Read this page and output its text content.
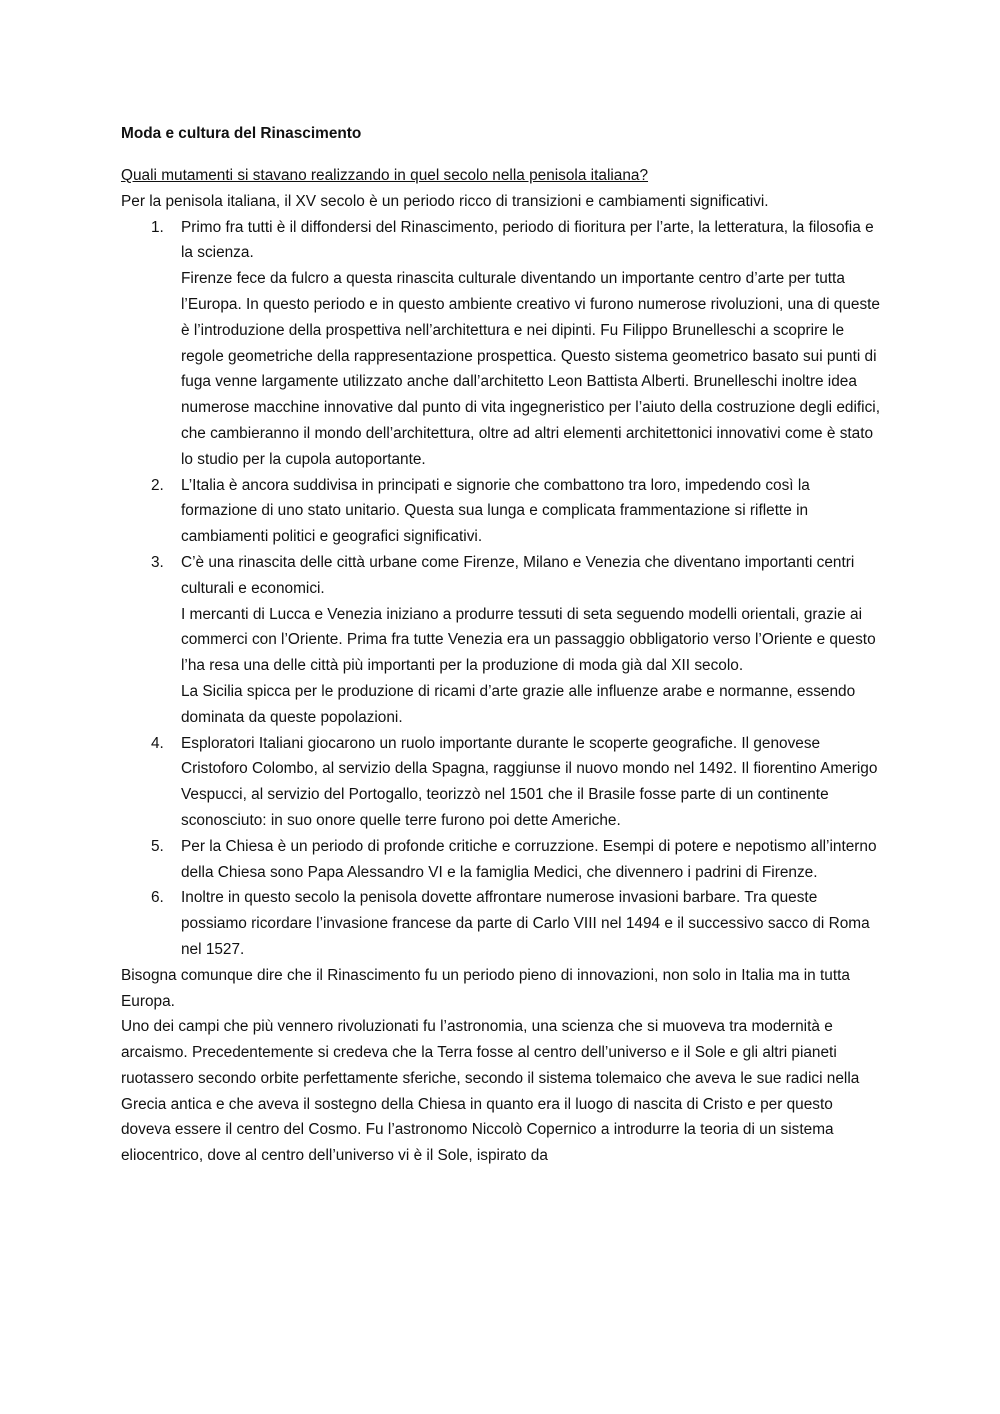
Moda e cultura del Rinascimento

Quali mutamenti si stavano realizzando in quel secolo nella penisola italiana?

Per la penisola italiana, il XV secolo è un periodo ricco di transizioni e cambiamenti significativi.

1. Primo fra tutti è il diffondersi del Rinascimento, periodo di fioritura per l’arte, la letteratura, la filosofia e la scienza.

Firenze fece da fulcro a questa rinascita culturale diventando un importante centro d’arte per tutta l’Europa. In questo periodo e in questo ambiente creativo vi furono numerose rivoluzioni, una di queste è l’introduzione della prospettiva nell’architettura e nei dipinti. Fu Filippo Brunelleschi a scoprire le regole geometriche della rappresentazione prospettica. Questo sistema geometrico basato sui punti di fuga venne largamente utilizzato anche dall’architetto Leon Battista Alberti. Brunelleschi inoltre idea numerose macchine innovative dal punto di vita ingegneristico per l’aiuto della costruzione degli edifici, che cambieranno il mondo dell’architettura, oltre ad altri elementi architettonici innovativi come è stato lo studio per la cupola autoportante.

2. L’Italia è ancora suddivisa in principati e signorie che combattono tra loro, impedendo così la formazione di uno stato unitario. Questa sua lunga e complicata frammentazione si riflette in cambiamenti politici e geografici significativi.

3. C’è una rinascita delle città urbane come Firenze, Milano e Venezia che diventano importanti centri culturali e economici.

I mercanti di Lucca e Venezia iniziano a produrre tessuti di seta seguendo modelli orientali, grazie ai commerci con l’Oriente. Prima fra tutte Venezia era un passaggio obbligatorio verso l’Oriente e questo l’ha resa una delle città più importanti per la produzione di moda già dal XII secolo.

La Sicilia spicca per le produzione di ricami d’arte grazie alle influenze arabe e normanne, essendo dominata da queste popolazioni.

4. Esploratori Italiani giocarono un ruolo importante durante le scoperte geografiche. Il genovese Cristoforo Colombo, al servizio della Spagna, raggiunse il nuovo mondo nel 1492. Il fiorentino Amerigo Vespucci, al servizio del Portogallo, teorizzò nel 1501 che il Brasile fosse parte di un continente sconosciuto: in suo onore quelle terre furono poi dette Americhe.

5. Per la Chiesa è un periodo di profonde critiche e corruzzione. Esempi di potere e nepotismo all’interno della Chiesa sono Papa Alessandro VI e la famiglia Medici, che divennero i padrini di Firenze.

6. Inoltre in questo secolo la penisola dovette affrontare numerose invasioni barbare. Tra queste possiamo ricordare l’invasione francese da parte di Carlo VIII nel 1494 e il successivo sacco di Roma nel 1527.

Bisogna comunque dire che il Rinascimento fu un periodo pieno di innovazioni, non solo in Italia ma in tutta Europa.

Uno dei campi che più vennero rivoluzionati fu l’astronomia, una scienza che si muoveva tra modernità e arcaismo. Precedentemente si credeva che la Terra fosse al centro dell’universo e il Sole e gli altri pianeti ruotassero secondo orbite perfettamente sferiche, secondo il sistema tolemaico che aveva le sue radici nella Grecia antica e che aveva il sostegno della Chiesa in quanto era il luogo di nascita di Cristo e per questo doveva essere il centro del Cosmo. Fu l’astronomo Niccolò Copernico a introdurre la teoria di un sistema eliocentrico, dove al centro dell’universo vi è il Sole, ispirato da
